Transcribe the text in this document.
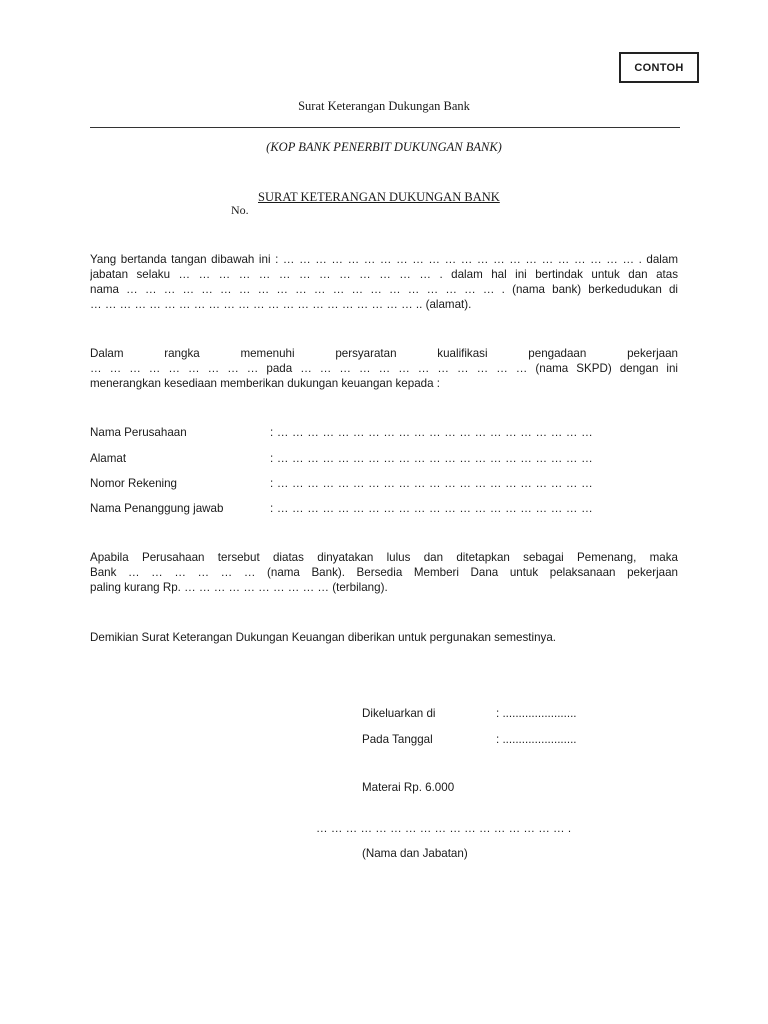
CONTOH
Surat Keterangan Dukungan Bank
(KOP BANK PENERBIT DUKUNGAN BANK)
SURAT KETERANGAN DUKUNGAN BANK
No.
Yang bertanda tangan dibawah ini : … … … … … … … … … … … … … … … … … … … … … … . dalam
jabatan selaku … … … … … … … … … … … … … . dalam hal ini bertindak untuk dan atas
nama … … … … … … … … … … … … … … … … … … … … . (nama bank) berkedudukan di
… … … … … … … … … … … … … … … … … … … … … … .. (alamat).
Dalam rangka memenuhi persyaratan kualifikasi pengadaan pekerjaan
… … … … … … … … … pada … … … … … … … … … … … … (nama SKPD) dengan ini
menerangkan kesediaan memberikan dukungan keuangan kepada :
Nama Perusahaan	: … … … … … … … … … … … … … … … … … … … … …
Alamat	: … … … … … … … … … … … … … … … … … … … … …
Nomor Rekening	: … … … … … … … … … … … … … … … … … … … … …
Nama Penanggung jawab	: … … … … … … … … … … … … … … … … … … … … …
Apabila Perusahaan tersebut diatas dinyatakan lulus dan ditetapkan sebagai Pemenang, maka
Bank … … … … … … (nama Bank). Bersedia Memberi Dana untuk pelaksanaan pekerjaan
paling kurang Rp. … … … … … … … … … … (terbilang).
Demikian Surat Keterangan Dukungan Keuangan diberikan untuk pergunakan semestinya.
Dikeluarkan di	: .......................
Pada Tanggal	: .......................
Materai Rp. 6.000
… … … … … … … … … … … … … … … … … .
(Nama dan Jabatan)
